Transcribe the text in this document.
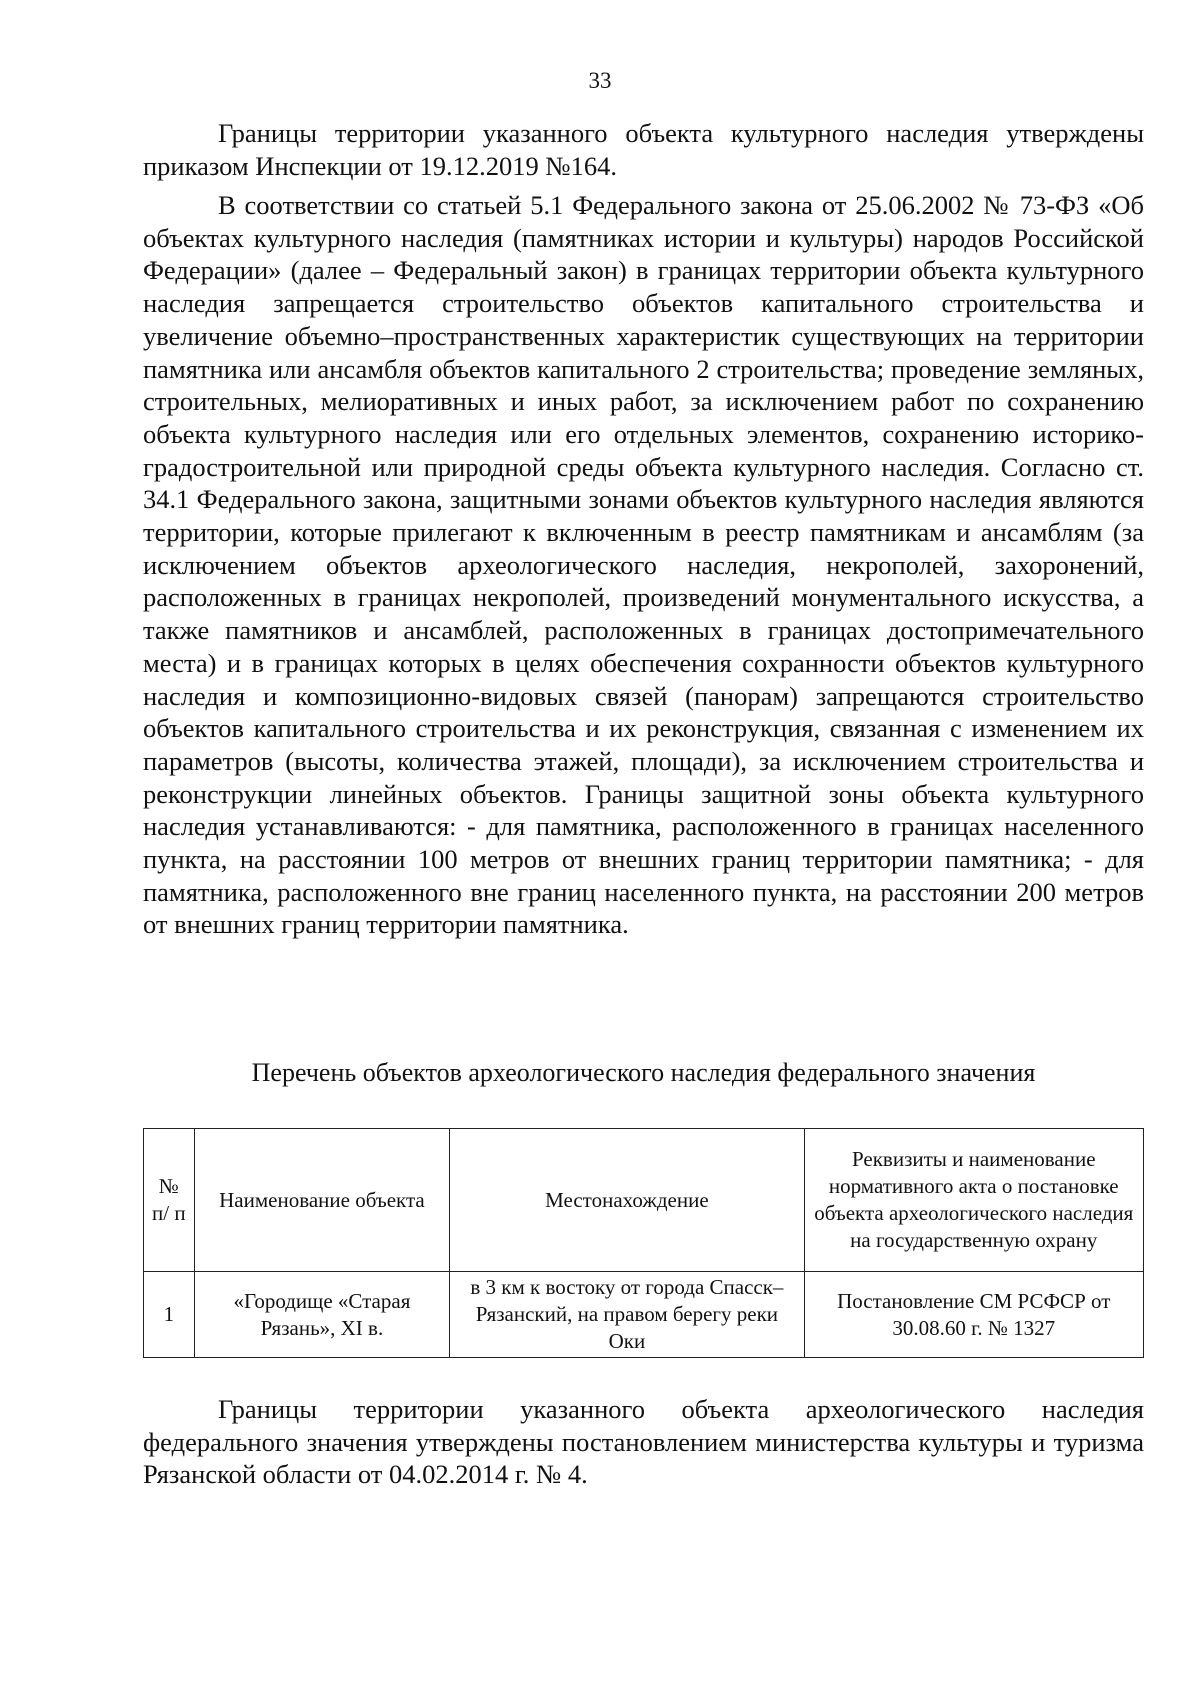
33

Границы территории указанного объекта культурного наследия утверждены приказом Инспекции от 19.12.2019 №164.

В соответствии со статьей 5.1 Федерального закона от 25.06.2002 № 73-ФЗ «Об объектах культурного наследия (памятниках истории и культуры) народов Российской Федерации» (далее – Федеральный закон) в границах территории объекта культурного наследия запрещается строительство объектов капитального строительства и увеличение объемно–пространственных характеристик существующих на территории памятника или ансамбля объектов капитального 2 строительства; проведение земляных, строительных, мелиоративных и иных работ, за исключением работ по сохранению объекта культурного наследия или его отдельных элементов, сохранению историко-градостроительной или природной среды объекта культурного наследия. Согласно ст. 34.1 Федерального закона, защитными зонами объектов культурного наследия являются территории, которые прилегают к включенным в реестр памятникам и ансамблям (за исключением объектов археологического наследия, некрополей, захоронений, расположенных в границах некрополей, произведений монументального искусства, а также памятников и ансамблей, расположенных в границах достопримечательного места) и в границах которых в целях обеспечения сохранности объектов культурного наследия и композиционно-видовых связей (панорам) запрещаются строительство объектов капитального строительства и их реконструкция, связанная с изменением их параметров (высоты, количества этажей, площади), за исключением строительства и реконструкции линейных объектов. Границы защитной зоны объекта культурного наследия устанавливаются: - для памятника, расположенного в границах населенного пункта, на расстоянии 100 метров от внешних границ территории памятника; - для памятника, расположенного вне границ населенного пункта, на расстоянии 200 метров от внешних границ территории памятника.

Перечень объектов археологического наследия федерального значения

№ п/ п	Наименование объекта	Местонахождение	Реквизиты и наименование нормативного акта о постановке объекта археологического наследия на государственную охрану
1	«Городище «Старая Рязань», XI в.	в 3 км к востоку от города Спасск– Рязанский, на правом берегу реки Оки	Постановление СМ РСФСР от 30.08.60 г. № 1327

Границы территории указанного объекта археологического наследия федерального значения утверждены постановлением министерства культуры и туризма Рязанской области от 04.02.2014 г. № 4.
